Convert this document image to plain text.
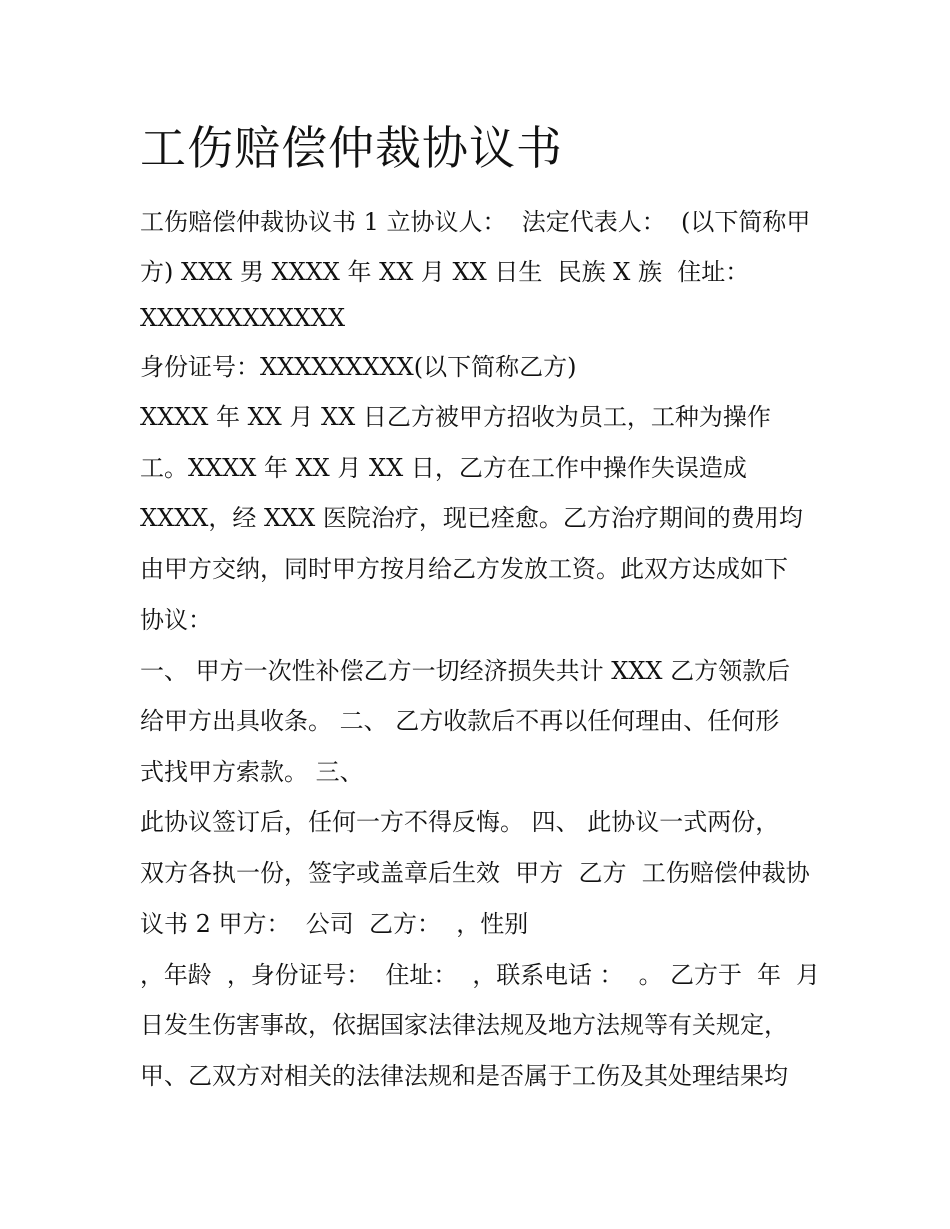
工伤赔偿仲裁协议书
工伤赔偿仲裁协议书 1 立协议人：  法定代表人：  (以下简称甲
方) XXX 男 XXXX 年 XX 月 XX 日生  民族 X 族  住址：
XXXXXXXXXXXX
身份证号：XXXXXXXXX(以下简称乙方)
XXXX 年 XX 月 XX 日乙方被甲方招收为员工，工种为操作
工。XXXX 年 XX 月 XX 日，乙方在工作中操作失误造成
XXXX，经 XXX 医院治疗，现已痊愈。乙方治疗期间的费用均
由甲方交纳，同时甲方按月给乙方发放工资。此双方达成如下
协议：
一、 甲方一次性补偿乙方一切经济损失共计 XXX 乙方领款后
给甲方出具收条。 二、 乙方收款后不再以任何理由、任何形
式找甲方索款。 三、
此协议签订后，任何一方不得反悔。 四、 此协议一式两份，
双方各执一份，签字或盖章后生效  甲方  乙方  工伤赔偿仲裁协
议书 2 甲方：  公司  乙方：  ，性别
，年龄  ，身份证号：  住址：  ，联系电话 ：  。 乙方于  年  月
日发生伤害事故，依据国家法律法规及地方法规等有关规定，
甲、乙双方对相关的法律法规和是否属于工伤及其处理结果均
